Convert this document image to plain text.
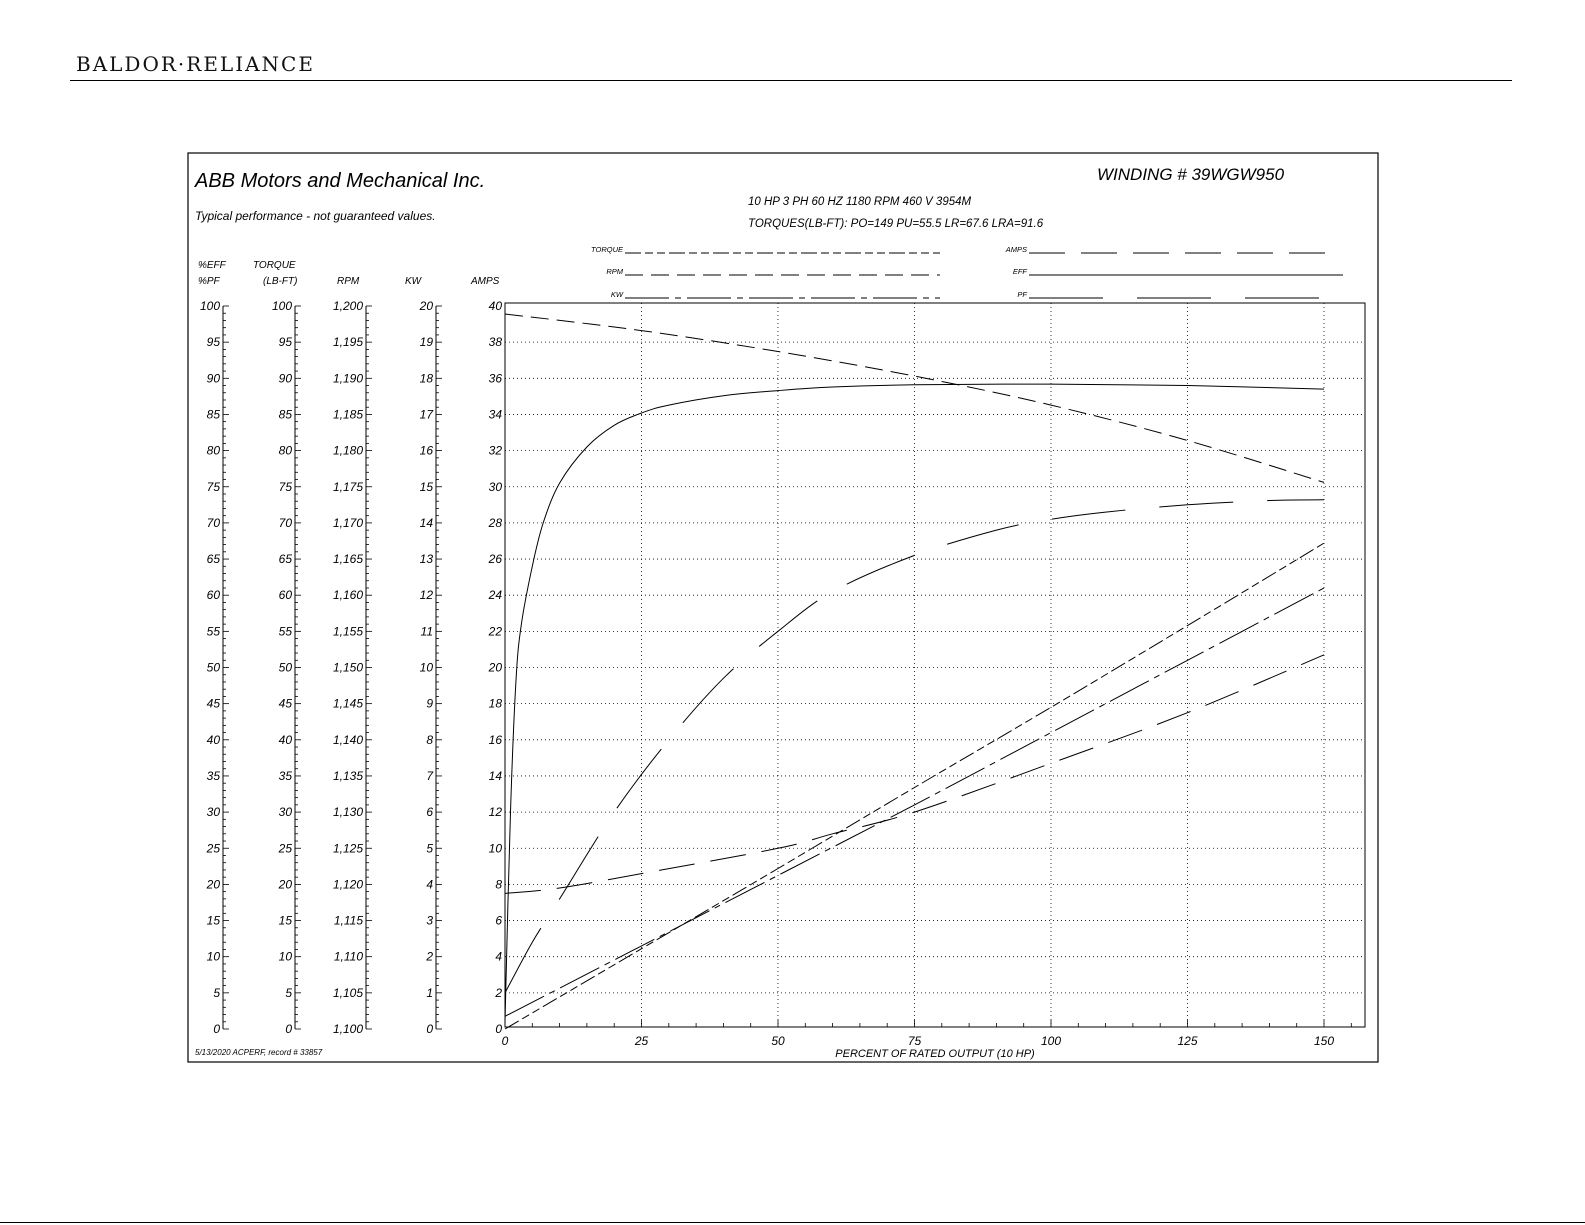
BALDOR·RELIANCE
ABB Motors and Mechanical Inc.
Typical performance - not guaranteed values.
WINDING # 39WGW950
10 HP 3 PH 60 HZ 1180 RPM 460 V 3954M
TORQUES(LB-FT): PO=149 PU=55.5 LR=67.6 LRA=91.6
5/13/2020 ACPERF, record # 33857	PERCENT OF RATED OUTPUT (10 HP)
100
95
90
85
80
75
70
65
60
55
50
45
40
35
30
25
20
15
10
5
0
%EFF
%PF
100
95
90
85
80
75
70
65
60
55
50
45
40
35
30
25
20
15
10
5
0
TORQUE
(LB-FT)
1,200
1,195
1,190
1,185
1,180
1,175
1,170
1,165
1,160
1,155
1,150
1,145
1,140
1,135
1,130
1,125
1,120
1,115
1,110
1,105
1,100
RPM
20
19
18
17
16
15
14
13
12
11
10
9
8
7
6
5
4
3
2
1
0
KW
40
38
36
34
32
30
28
26
24
22
20
18
16
14
12
10
8
6
4
2
0
AMPS
0	25	50	75	100	125	150
TORQUE
RPM
KW
AMPS
EFF
PF
